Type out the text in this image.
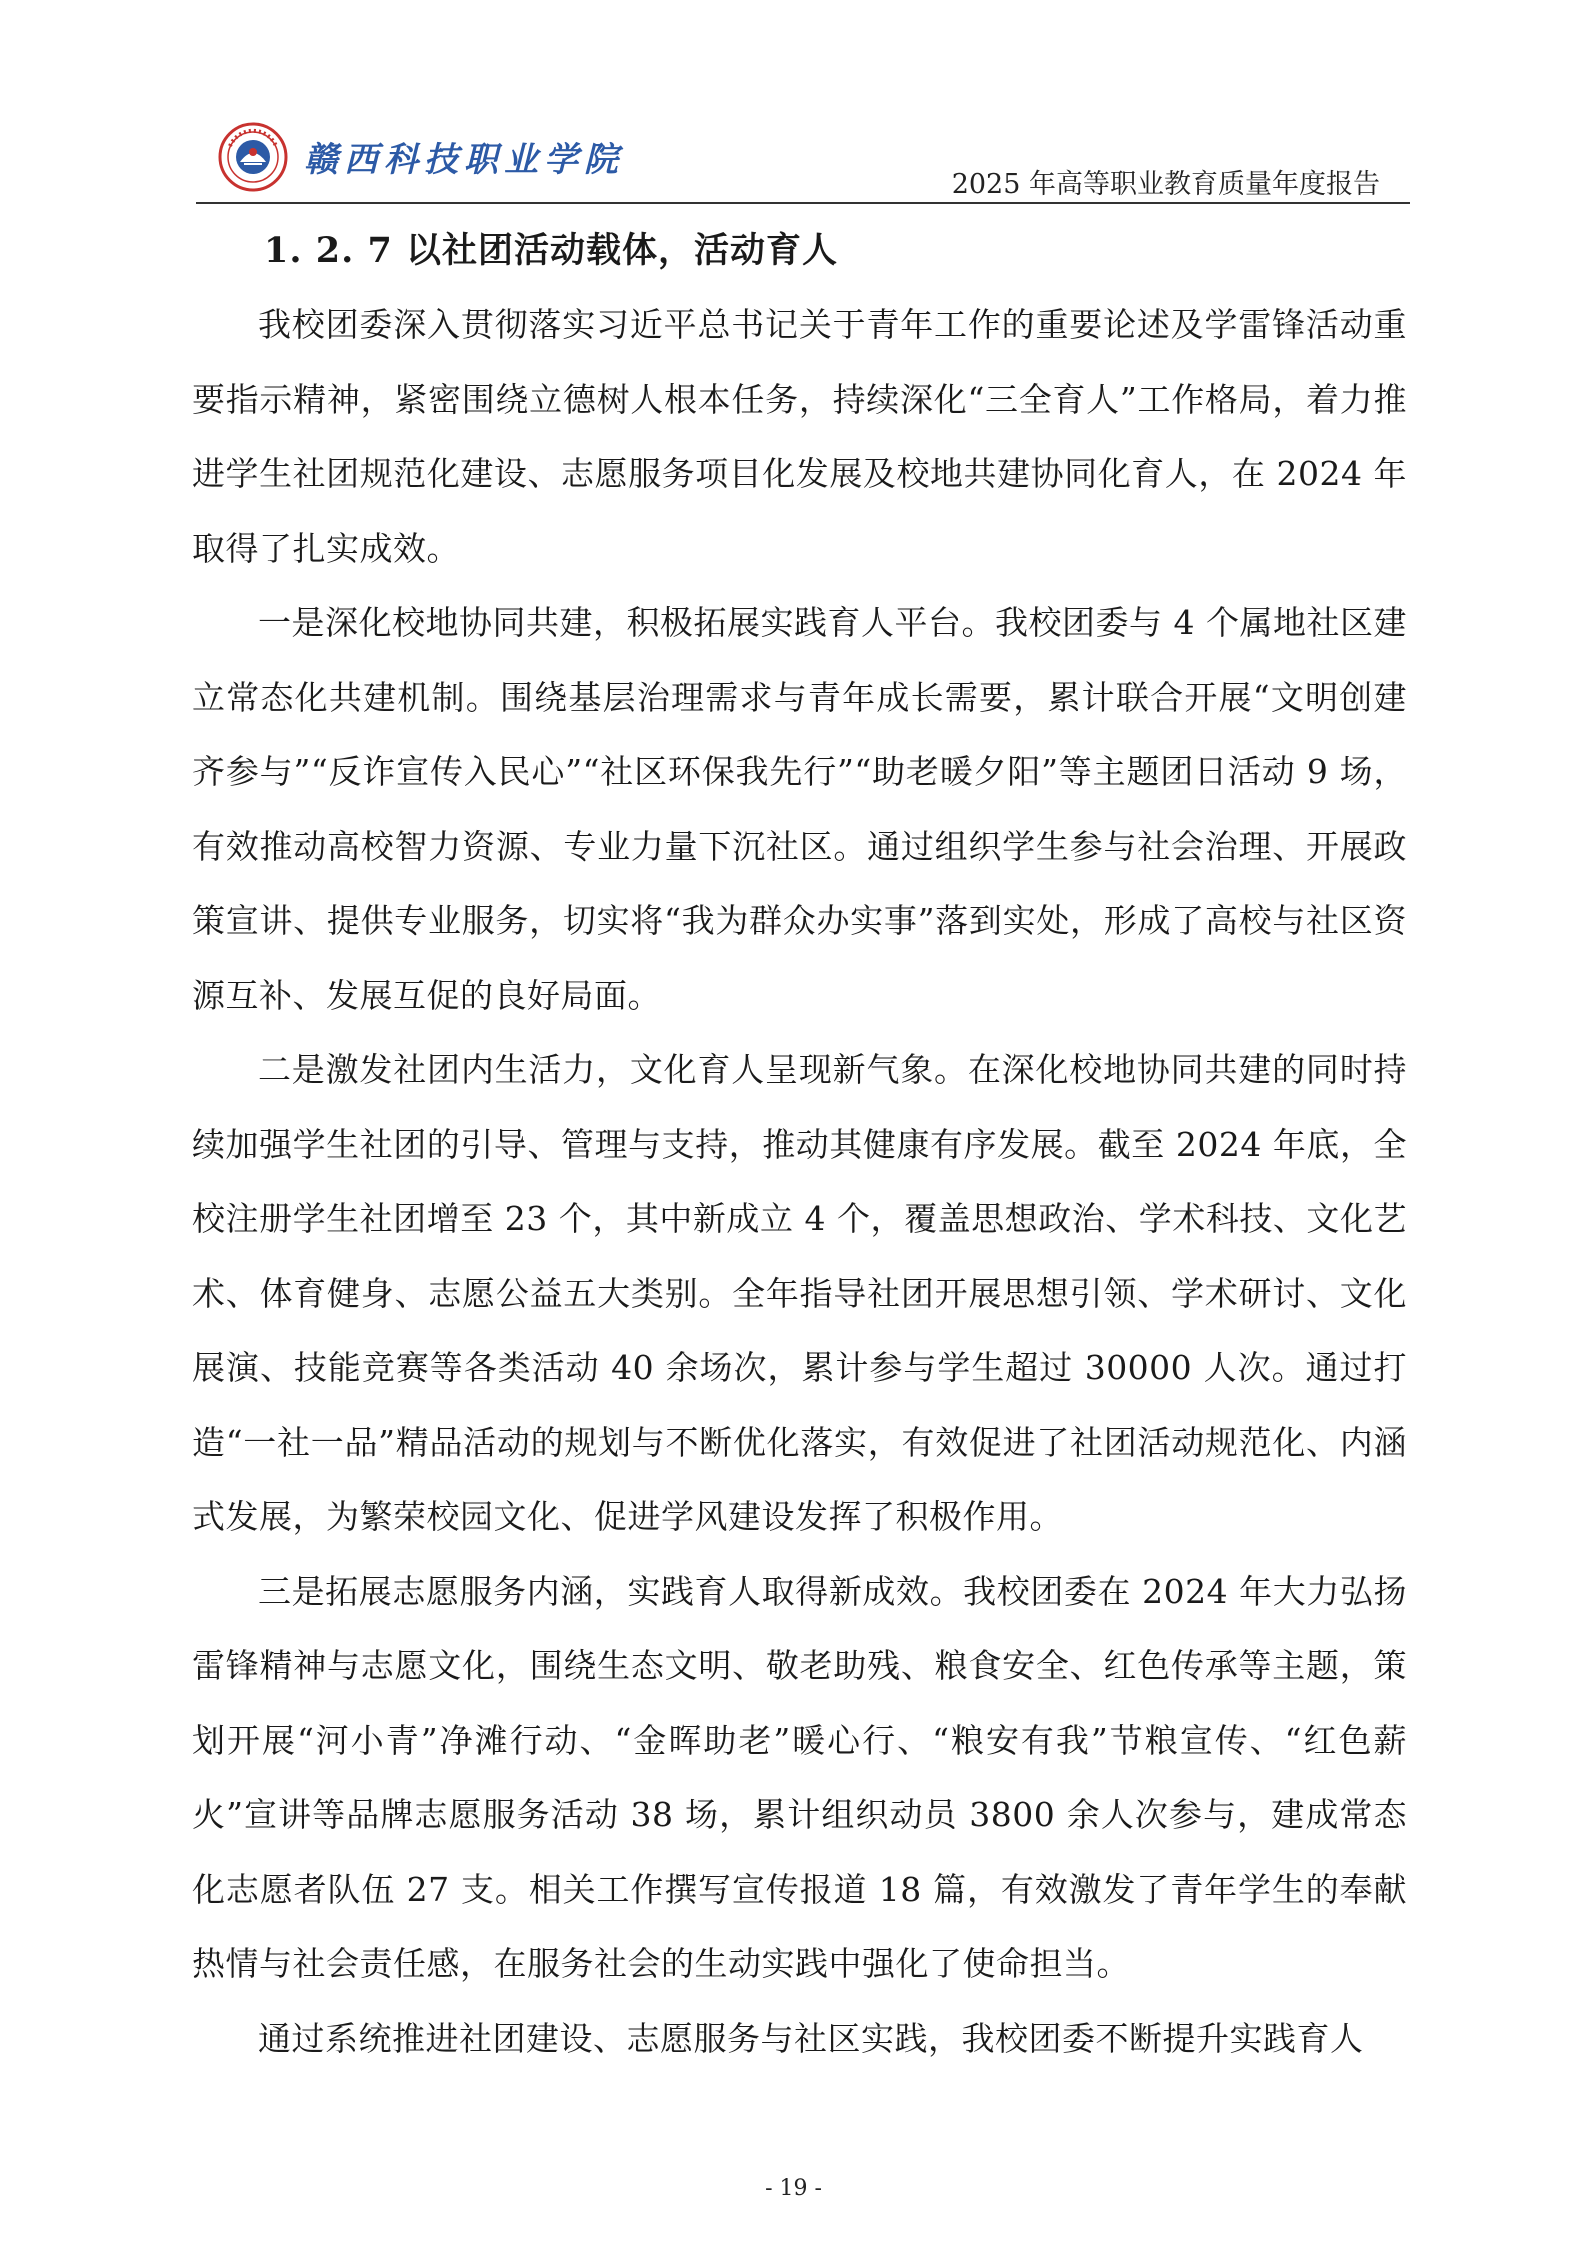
赣西科技职业学院
2025 年高等职业教育质量年度报告
1. 2. 7 以社团活动载体，活动育人

我校团委深入贯彻落实习近平总书记关于青年工作的重要论述及学雷锋活动重要指示精神，紧密围绕立德树人根本任务，持续深化“三全育人”工作格局，着力推进学生社团规范化建设、志愿服务项目化发展及校地共建协同化育人，在 2024 年取得了扎实成效。

一是深化校地协同共建，积极拓展实践育人平台。我校团委与 4 个属地社区建立常态化共建机制。围绕基层治理需求与青年成长需要，累计联合开展“文明创建齐参与”“反诈宣传入民心”“社区环保我先行”“助老暖夕阳”等主题团日活动 9 场，有效推动高校智力资源、专业力量下沉社区。通过组织学生参与社会治理、开展政策宣讲、提供专业服务，切实将“我为群众办实事”落到实处，形成了高校与社区资源互补、发展互促的良好局面。

二是激发社团内生活力，文化育人呈现新气象。在深化校地协同共建的同时持续加强学生社团的引导、管理与支持，推动其健康有序发展。截至 2024 年底，全校注册学生社团增至 23 个，其中新成立 4 个，覆盖思想政治、学术科技、文化艺术、体育健身、志愿公益五大类别。全年指导社团开展思想引领、学术研讨、文化展演、技能竞赛等各类活动 40 余场次，累计参与学生超过 30000 人次。通过打造“一社一品”精品活动的规划与不断优化落实，有效促进了社团活动规范化、内涵式发展，为繁荣校园文化、促进学风建设发挥了积极作用。

三是拓展志愿服务内涵，实践育人取得新成效。我校团委在 2024 年大力弘扬雷锋精神与志愿文化，围绕生态文明、敬老助残、粮食安全、红色传承等主题，策划开展“河小青”净滩行动、“金晖助老”暖心行、“粮安有我”节粮宣传、“红色薪火”宣讲等品牌志愿服务活动 38 场，累计组织动员 3800 余人次参与，建成常态化志愿者队伍 27 支。相关工作撰写宣传报道 18 篇，有效激发了青年学生的奉献热情与社会责任感，在服务社会的生动实践中强化了使命担当。

通过系统推进社团建设、志愿服务与社区实践，我校团委不断提升实践育人

- 19 -
